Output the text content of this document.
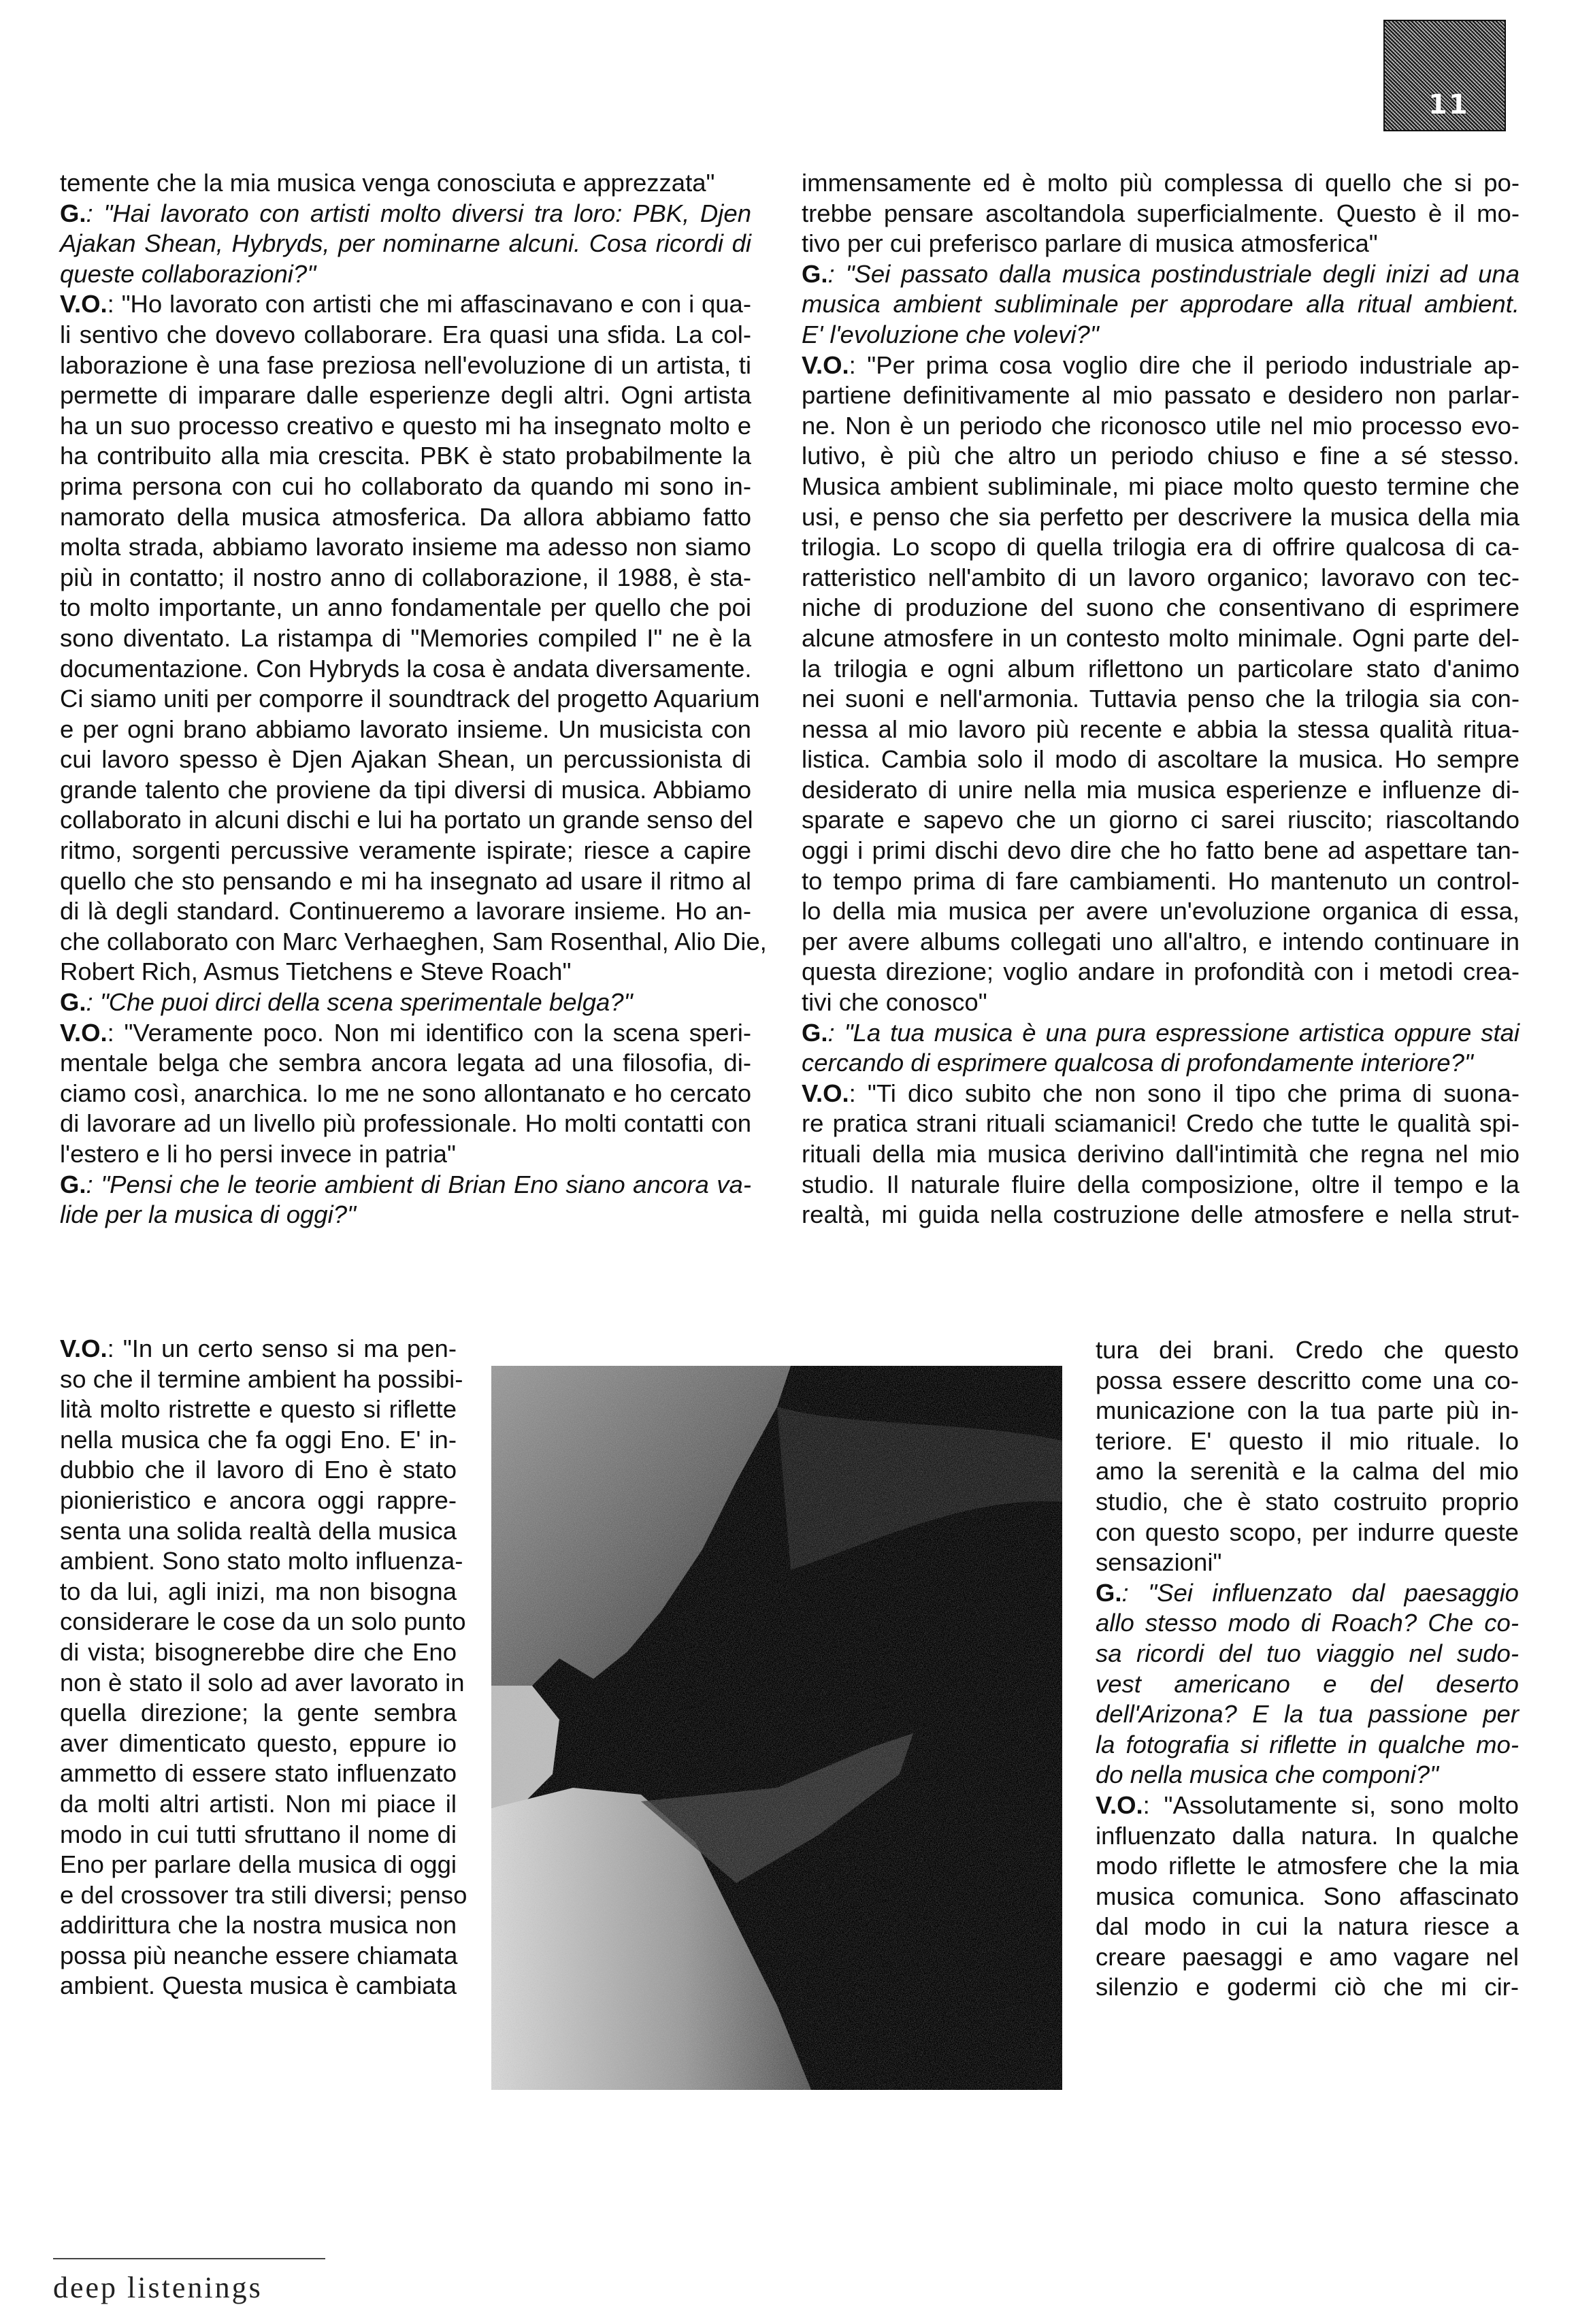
11
temente che la mia musica venga conosciuta e apprezzata"
G.: "Hai lavorato con artisti molto diversi tra loro: PBK, Djen
Ajakan Shean, Hybryds, per nominarne alcuni. Cosa ricordi di
queste collaborazioni?"
V.O.: "Ho lavorato con artisti che mi affascinavano e con i qua-
li sentivo che dovevo collaborare. Era quasi una sfida. La col-
laborazione è una fase preziosa nell'evoluzione di un artista, ti
permette di imparare dalle esperienze degli altri. Ogni artista
ha un suo processo creativo e questo mi ha insegnato molto e
ha contribuito alla mia crescita. PBK è stato probabilmente la
prima persona con cui ho collaborato da quando mi sono in-
namorato della musica atmosferica. Da allora abbiamo fatto
molta strada, abbiamo lavorato insieme ma adesso non siamo
più in contatto; il nostro anno di collaborazione, il 1988, è sta-
to molto importante, un anno fondamentale per quello che poi
sono diventato. La ristampa di "Memories compiled I" ne è la
documentazione. Con Hybryds la cosa è andata diversamente.
Ci siamo uniti per comporre il soundtrack del progetto Aquarium
e per ogni brano abbiamo lavorato insieme. Un musicista con
cui lavoro spesso è Djen Ajakan Shean, un percussionista di
grande talento che proviene da tipi diversi di musica. Abbiamo
collaborato in alcuni dischi e lui ha portato un grande senso del
ritmo, sorgenti percussive veramente ispirate; riesce a capire
quello che sto pensando e mi ha insegnato ad usare il ritmo al
di là degli standard. Continueremo a lavorare insieme. Ho an-
che collaborato con Marc Verhaeghen, Sam Rosenthal, Alio Die,
Robert Rich, Asmus Tietchens e Steve Roach"
G.: "Che puoi dirci della scena sperimentale belga?"
V.O.: "Veramente poco. Non mi identifico con la scena speri-
mentale belga che sembra ancora legata ad una filosofia, di-
ciamo così, anarchica. Io me ne sono allontanato e ho cercato
di lavorare ad un livello più professionale. Ho molti contatti con
l'estero e li ho persi invece in patria"
G.: "Pensi che le teorie ambient di Brian Eno siano ancora va-
lide per la musica di oggi?"
V.O.: "In un certo senso si ma pen-
so che il termine ambient ha possibi-
lità molto ristrette e questo si riflette
nella musica che fa oggi Eno. E' in-
dubbio che il lavoro di Eno è stato
pionieristico e ancora oggi rappre-
senta una solida realtà della musica
ambient. Sono stato molto influenza-
to da lui, agli inizi, ma non bisogna
considerare le cose da un solo punto
di vista; bisognerebbe dire che Eno
non è stato il solo ad aver lavorato in
quella direzione; la gente sembra
aver dimenticato questo, eppure io
ammetto di essere stato influenzato
da molti altri artisti. Non mi piace il
modo in cui tutti sfruttano il nome di
Eno per parlare della musica di oggi
e del crossover tra stili diversi; penso
addirittura che la nostra musica non
possa più neanche essere chiamata
ambient. Questa musica è cambiata
immensamente ed è molto più complessa di quello che si po-
trebbe pensare ascoltandola superficialmente. Questo è il mo-
tivo per cui preferisco parlare di musica atmosferica"
G.: "Sei passato dalla musica postindustriale degli inizi ad una
musica ambient subliminale per approdare alla ritual ambient.
E' l'evoluzione che volevi?"
V.O.: "Per prima cosa voglio dire che il periodo industriale ap-
partiene definitivamente al mio passato e desidero non parlar-
ne. Non è un periodo che riconosco utile nel mio processo evo-
lutivo, è più che altro un periodo chiuso e fine a sé stesso.
Musica ambient subliminale, mi piace molto questo termine che
usi, e penso che sia perfetto per descrivere la musica della mia
trilogia. Lo scopo di quella trilogia era di offrire qualcosa di ca-
ratteristico nell'ambito di un lavoro organico; lavoravo con tec-
niche di produzione del suono che consentivano di esprimere
alcune atmosfere in un contesto molto minimale. Ogni parte del-
la trilogia e ogni album riflettono un particolare stato d'animo
nei suoni e nell'armonia. Tuttavia penso che la trilogia sia con-
nessa al mio lavoro più recente e abbia la stessa qualità ritua-
listica. Cambia solo il modo di ascoltare la musica. Ho sempre
desiderato di unire nella mia musica esperienze e influenze di-
sparate e sapevo che un giorno ci sarei riuscito; riascoltando
oggi i primi dischi devo dire che ho fatto bene ad aspettare tan-
to tempo prima di fare cambiamenti. Ho mantenuto un control-
lo della mia musica per avere un'evoluzione organica di essa,
per avere albums collegati uno all'altro, e intendo continuare in
questa direzione; voglio andare in profondità con i metodi crea-
tivi che conosco"
G.: "La tua musica è una pura espressione artistica oppure stai
cercando di esprimere qualcosa di profondamente interiore?"
V.O.: "Ti dico subito che non sono il tipo che prima di suona-
re pratica strani rituali sciamanici! Credo che tutte le qualità spi-
rituali della mia musica derivino dall'intimità che regna nel mio
studio. Il naturale fluire della composizione, oltre il tempo e la
realtà, mi guida nella costruzione delle atmosfere e nella strut-
tura dei brani. Credo che questo
possa essere descritto come una co-
municazione con la tua parte più in-
teriore. E' questo il mio rituale. Io
amo la serenità e la calma del mio
studio, che è stato costruito proprio
con questo scopo, per indurre queste
sensazioni"
G.: "Sei influenzato dal paesaggio
allo stesso modo di Roach? Che co-
sa ricordi del tuo viaggio nel sudo-
vest americano e del deserto
dell'Arizona? E la tua passione per
la fotografia si riflette in qualche mo-
do nella musica che componi?"
V.O.: "Assolutamente si, sono molto
influenzato dalla natura. In qualche
modo riflette le atmosfere che la mia
musica comunica. Sono affascinato
dal modo in cui la natura riesce a
creare paesaggi e amo vagare nel
silenzio e godermi ciò che mi cir-
deep listenings
